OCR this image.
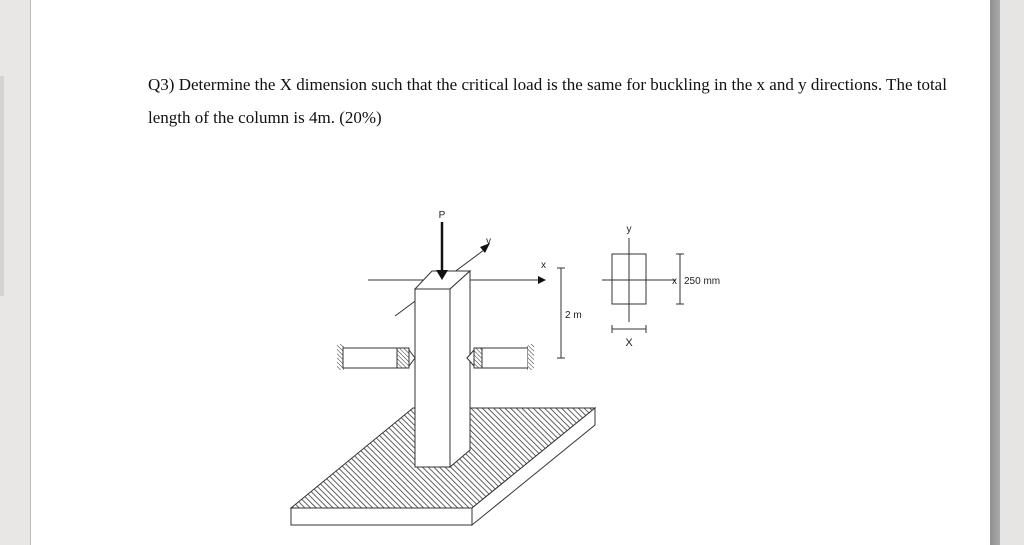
Q3) Determine the X dimension such that the critical load is the same for buckling in the x and y directions. The total length of the column is 4m. (20%)

x
y
P
2 m
y
x 250 mm
X
